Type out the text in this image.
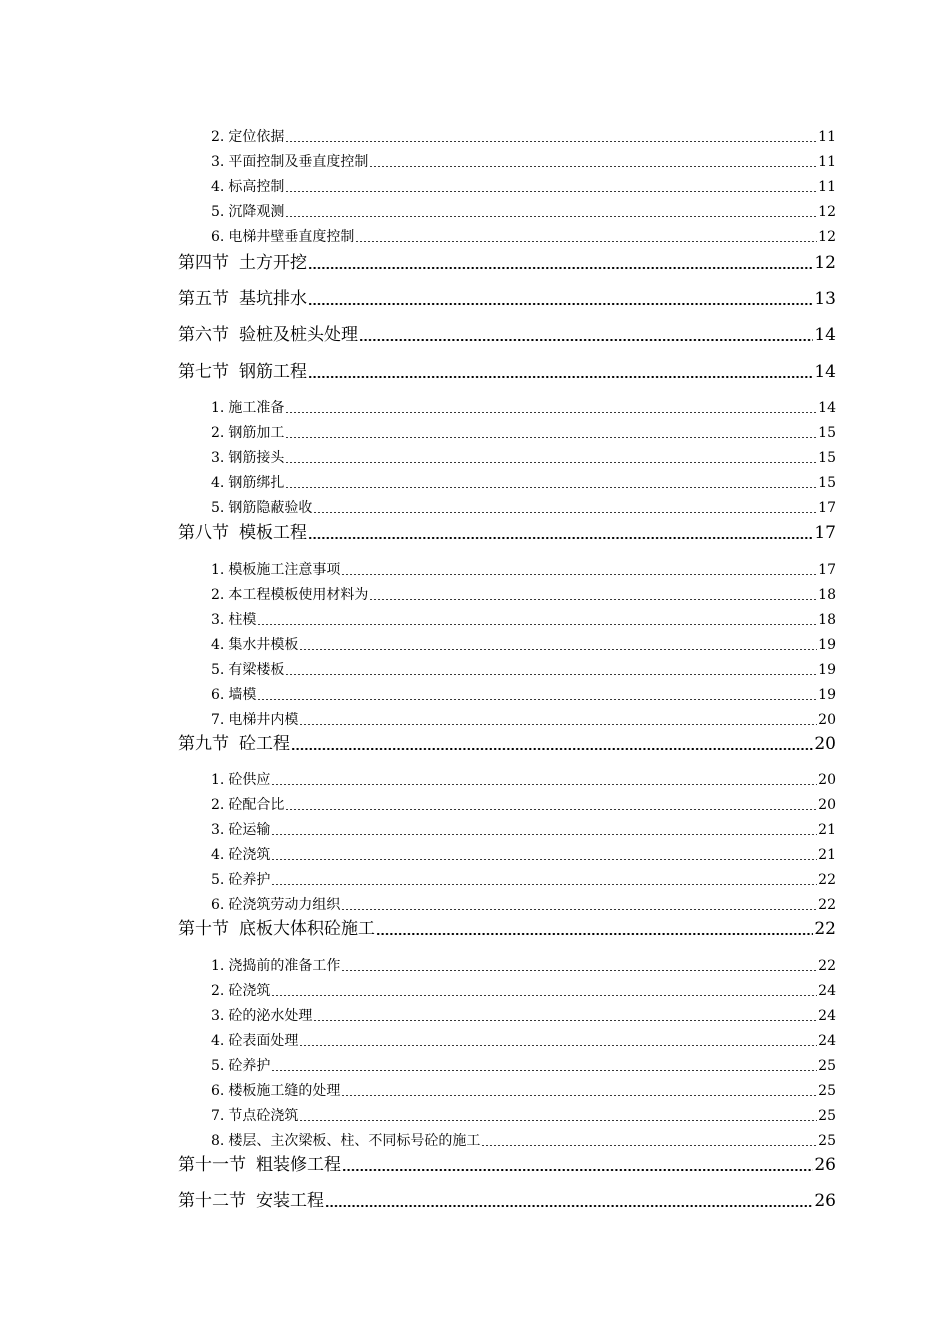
2. 定位依据	11
3. 平面控制及垂直度控制	11
4. 标高控制	11
5. 沉降观测	12
6. 电梯井壁垂直度控制	12
第四节 土方开挖	12
第五节 基坑排水	13
第六节 验桩及桩头处理	14
第七节 钢筋工程	14
1. 施工准备	14
2. 钢筋加工	15
3. 钢筋接头	15
4. 钢筋绑扎	15
5. 钢筋隐蔽验收	17
第八节 模板工程	17
1. 模板施工注意事项	17
2. 本工程模板使用材料为	18
3. 柱模	18
4. 集水井模板	19
5. 有梁楼板	19
6. 墙模	19
7. 电梯井内模	20
第九节 砼工程	20
1. 砼供应	20
2. 砼配合比	20
3. 砼运输	21
4. 砼浇筑	21
5. 砼养护	22
6. 砼浇筑劳动力组织	22
第十节 底板大体积砼施工	22
1. 浇捣前的准备工作	22
2. 砼浇筑	24
3. 砼的泌水处理	24
4. 砼表面处理	24
5. 砼养护	25
6. 楼板施工缝的处理	25
7. 节点砼浇筑	25
8. 楼层、主次梁板、柱、不同标号砼的施工	25
第十一节 粗装修工程	26
第十二节 安装工程	26
